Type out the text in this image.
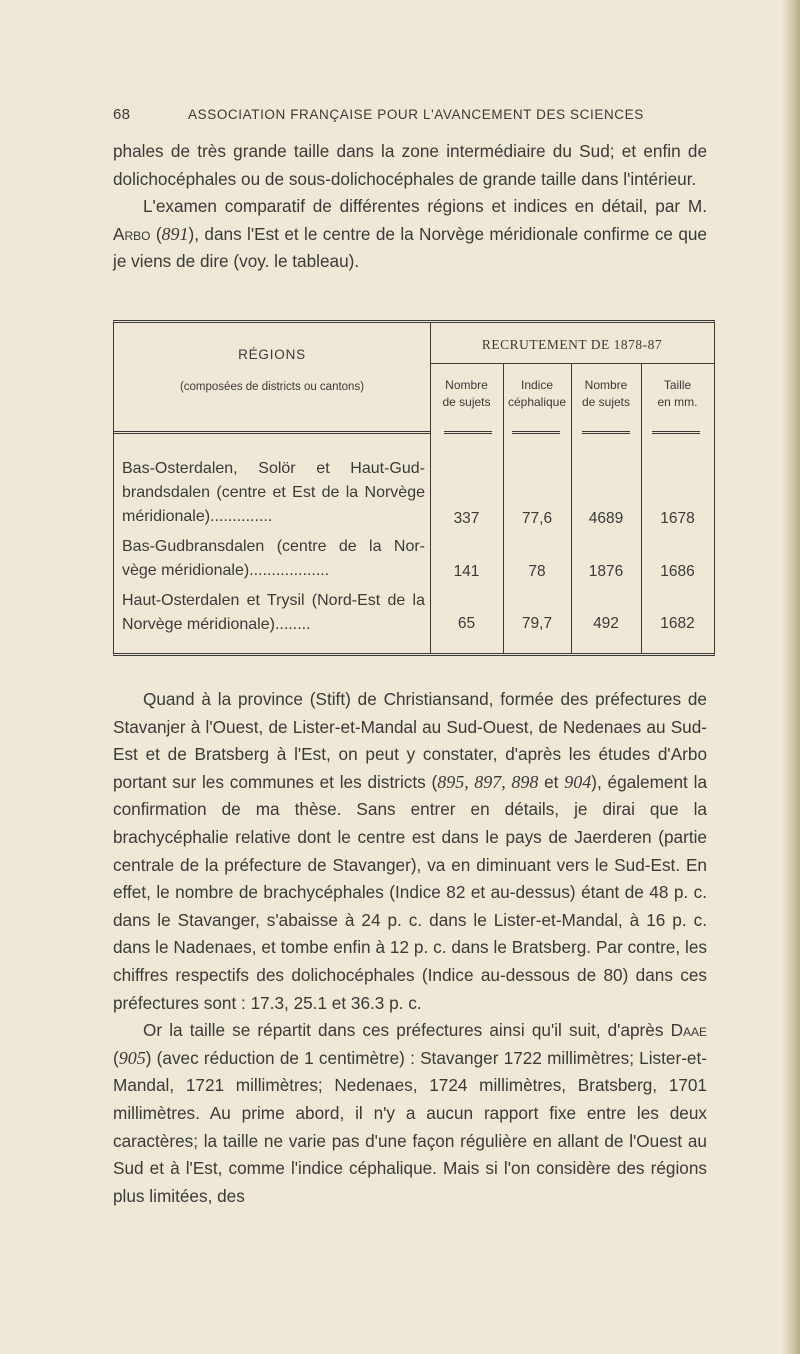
68	ASSOCIATION FRANÇAISE POUR L'AVANCEMENT DES SCIENCES

phales de très grande taille dans la zone intermédiaire du Sud; et enfin de dolichocéphales ou de sous-dolichocéphales de grande taille dans l'intérieur.

L'examen comparatif de différentes régions et indices en détail, par M. Arbo (891), dans l'Est et le centre de la Norvège méridionale confirme ce que je viens de dire (voy. le tableau).

RÉGIONS
(composées de districts ou cantons)
RECRUTEMENT DE 1878-87
Nombre
de sujets
Indice
céphalique
Nombre
de sujets
Taille
en mm.
Bas-Osterdalen, Solör et Haut-Gud-brandsdalen (centre et Est de la Norvège méridionale)..............	337	77,6	4689	1678
Bas-Gudbransdalen (centre de la Nor-vège méridionale)..................	141	78	1876	1686
Haut-Osterdalen et Trysil (Nord-Est de la Norvège méridionale)........	65	79,7	492	1682

Quand à la province (Stift) de Christiansand, formée des préfectures de Stavanjer à l'Ouest, de Lister-et-Mandal au Sud-Ouest, de Nedenaes au Sud-Est et de Bratsberg à l'Est, on peut y constater, d'après les études d'Arbo portant sur les communes et les districts (895, 897, 898 et 904), également la confirmation de ma thèse. Sans entrer en détails, je dirai que la brachycéphalie relative dont le centre est dans le pays de Jaerderen (partie centrale de la préfecture de Stavanger), va en diminuant vers le Sud-Est. En effet, le nombre de brachycéphales (Indice 82 et au-dessus) étant de 48 p. c. dans le Stavanger, s'abaisse à 24 p. c. dans le Lister-et-Mandal, à 16 p. c. dans le Nadenaes, et tombe enfin à 12 p. c. dans le Bratsberg. Par contre, les chiffres respectifs des dolichocéphales (Indice au-dessous de 80) dans ces préfectures sont : 17.3, 25.1 et 36.3 p. c.

Or la taille se répartit dans ces préfectures ainsi qu'il suit, d'après Daae (905) (avec réduction de 1 centimètre) : Stavanger 1722 millimètres; Lister-et-Mandal, 1721 millimètres; Nedenaes, 1724 millimètres, Bratsberg, 1701 millimètres. Au prime abord, il n'y a aucun rapport fixe entre les deux caractères; la taille ne varie pas d'une façon régulière en allant de l'Ouest au Sud et à l'Est, comme l'indice céphalique. Mais si l'on considère des régions plus limitées, des
